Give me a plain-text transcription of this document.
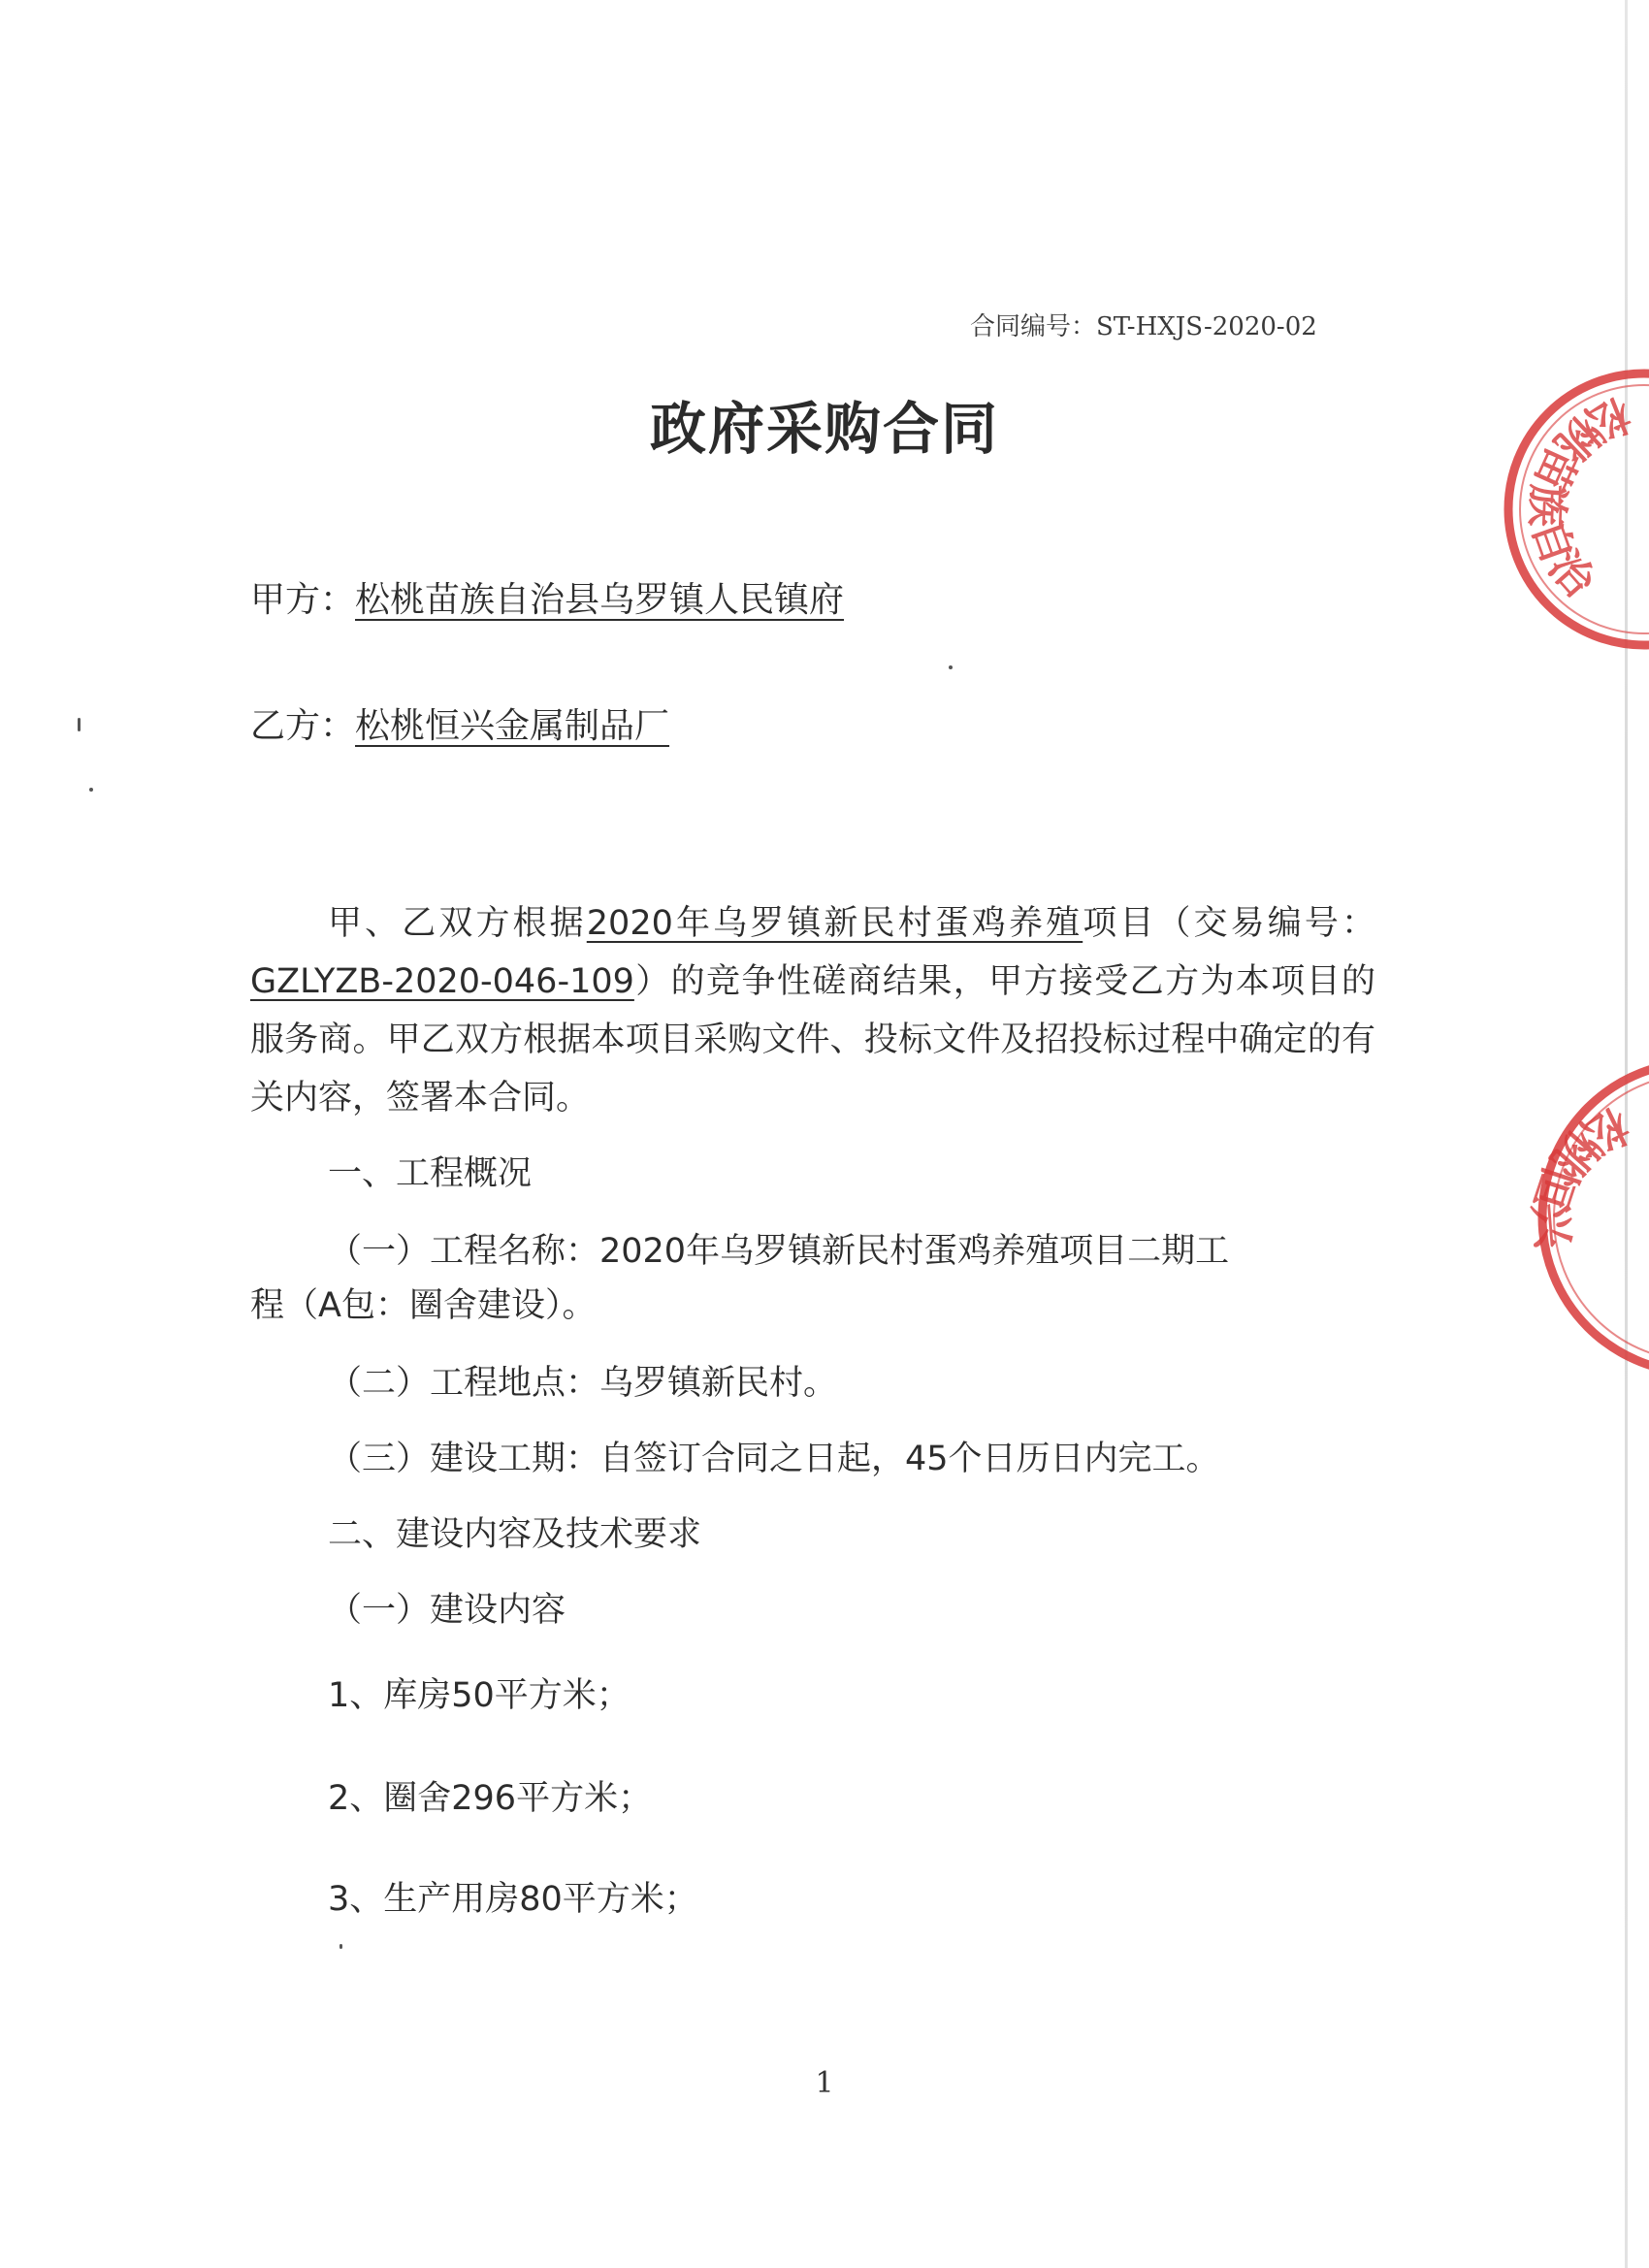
合同编号：ST-HXJS-2020-02
政府采购合同
甲方：松桃苗族自治县乌罗镇人民镇府
乙方：松桃恒兴金属制品厂
甲、乙双方根据2020年乌罗镇新民村蛋鸡养殖项目（交易编号：GZLYZB-2020-046-109）的竞争性磋商结果，甲方接受乙方为本项目的服务商。甲乙双方根据本项目采购文件、投标文件及招投标过程中确定的有关内容，签署本合同。
一、工程概况
（一）工程名称：2020年乌罗镇新民村蛋鸡养殖项目二期工
程（A包：圈舍建设）。
（二）工程地点：乌罗镇新民村。
（三）建设工期：自签订合同之日起，45个日历日内完工。
二、建设内容及技术要求
（一）建设内容
1、库房50平方米；
2、圈舍296平方米；
3、生产用房80平方米；
1
松桃苗族自治
松桃恒兴
